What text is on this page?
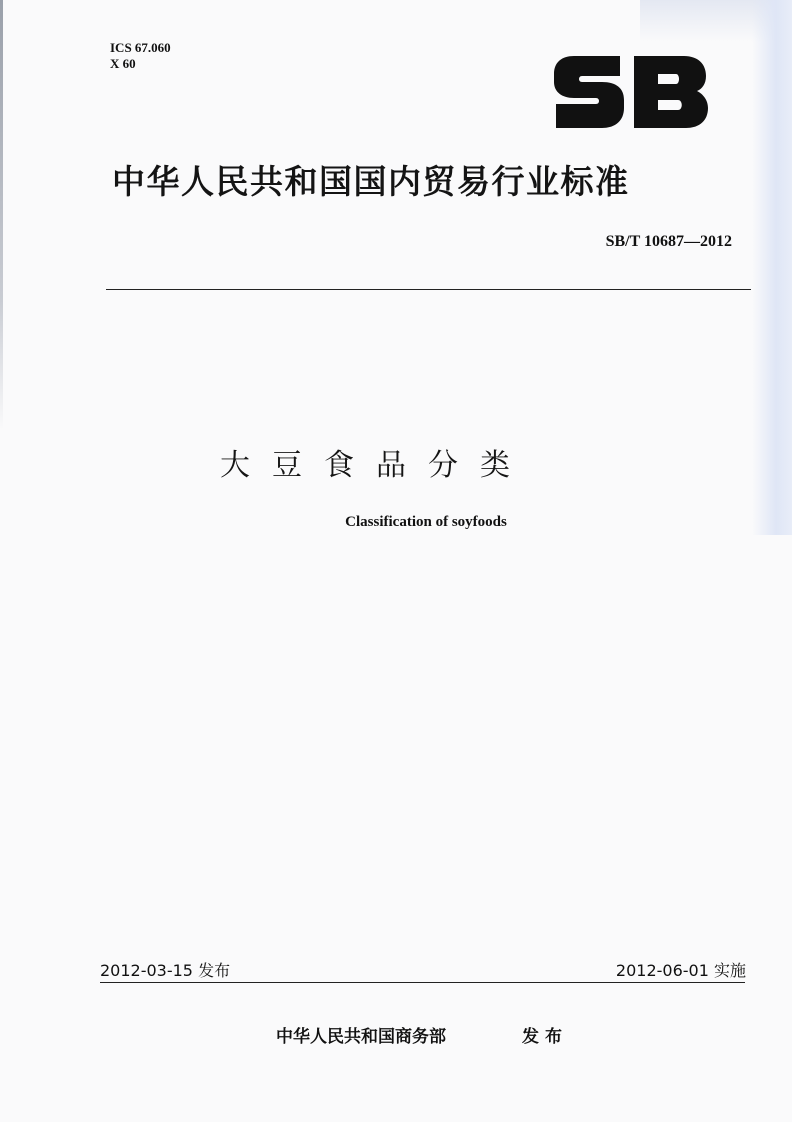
ICS 67.060
X 60
中华人民共和国国内贸易行业标准
SB/T 10687—2012
大豆食品分类
Classification of soyfoods
2012-03-15 发布	2012-06-01 实施
中华人民共和国商务部	发布
